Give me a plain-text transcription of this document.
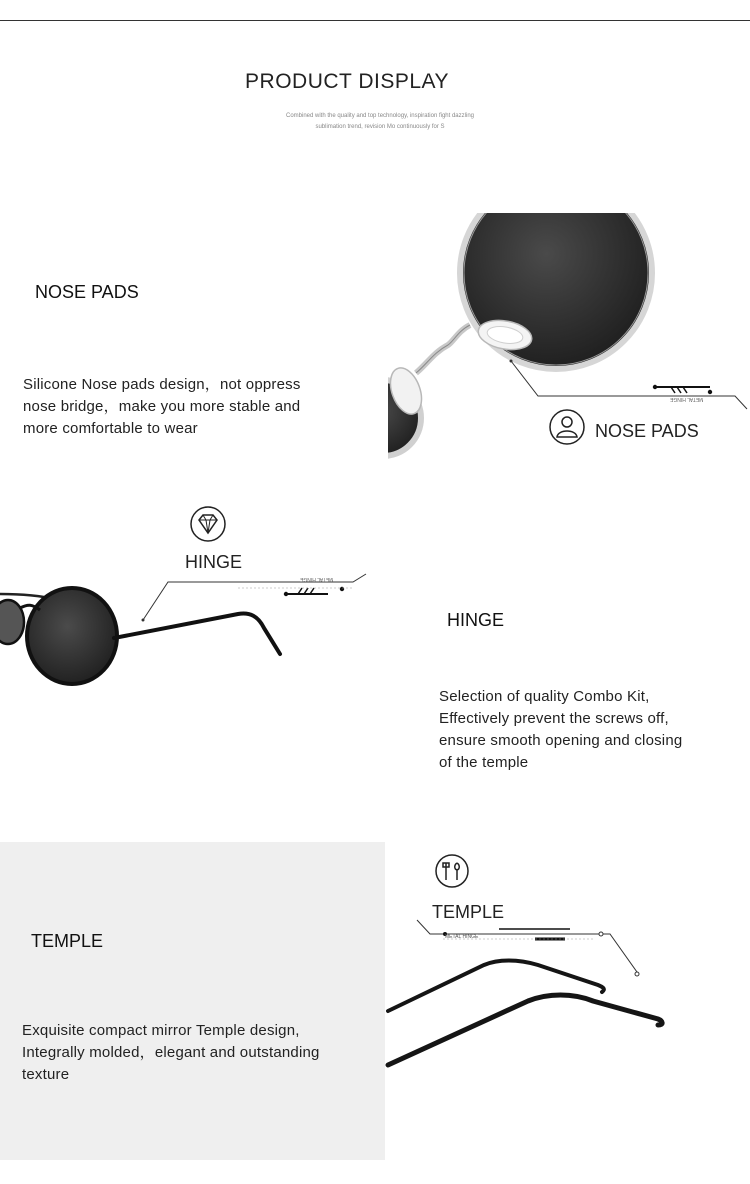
PRODUCT DISPLAY
Combined with the quality and top technology, inspiration fight dazzling
sublimation trend, revision Mo continuously for S
NOSE PADS
Silicone Nose pads design，not oppress
nose bridge，make you more stable and
more comfortable to wear
METAL HINGE
NOSE PADS
HINGE
METAL HINGE
HINGE
Selection of quality Combo Kit,
Effectively prevent the screws off,
ensure smooth opening and closing
of the temple
TEMPLE
Exquisite compact mirror Temple design,
Integrally molded，elegant and outstanding
texture
TEMPLE
METAL HINGE
